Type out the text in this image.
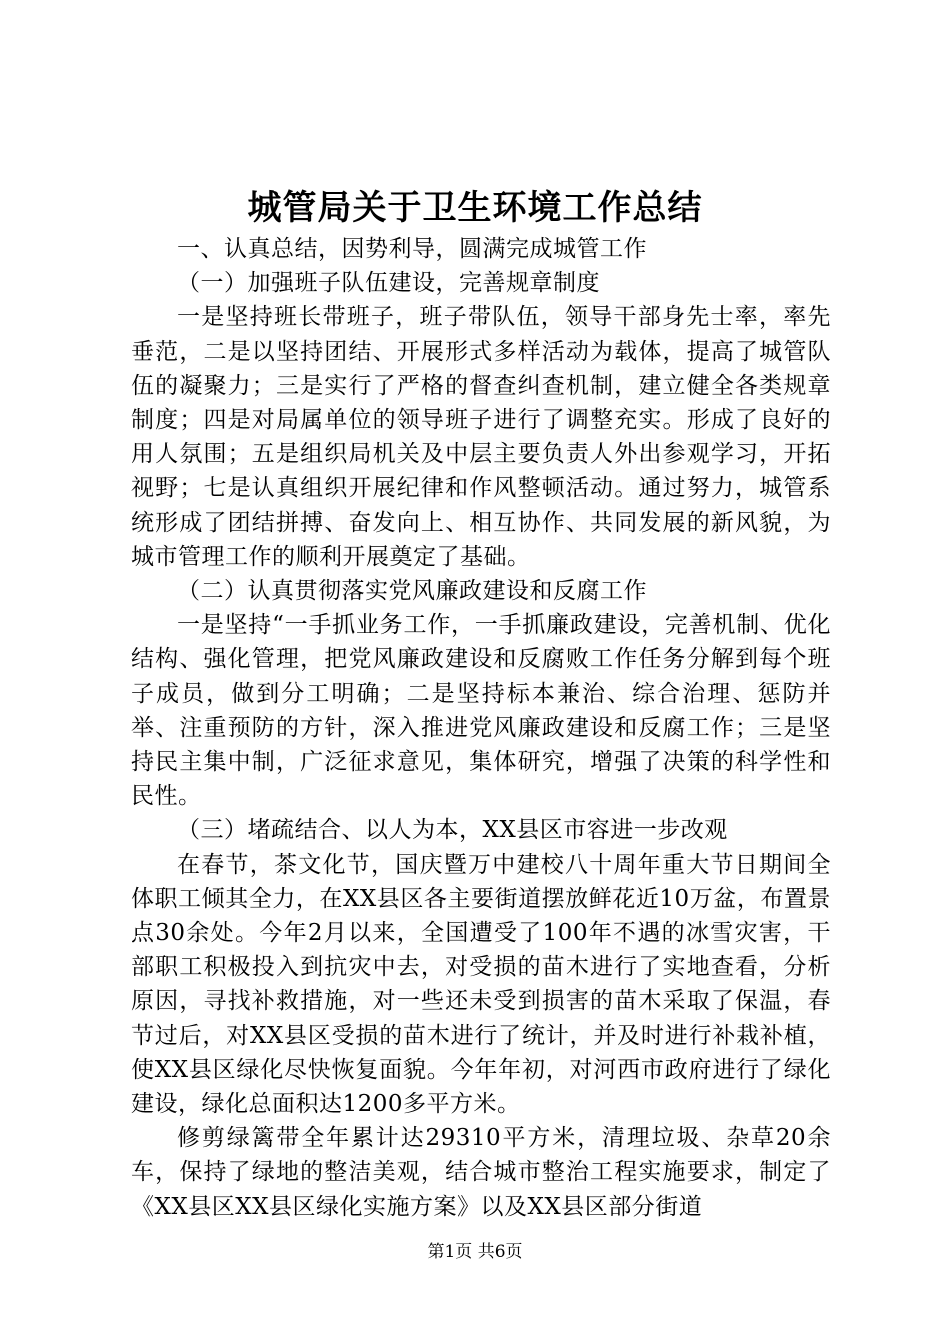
城管局关于卫生环境工作总结

一、认真总结，因势利导，圆满完成城管工作

（一）加强班子队伍建设，完善规章制度

一是坚持班长带班子，班子带队伍，领导干部身先士率，率先垂范，二是以坚持团结、开展形式多样活动为载体，提高了城管队伍的凝聚力；三是实行了严格的督查纠查机制，建立健全各类规章制度；四是对局属单位的领导班子进行了调整充实。形成了良好的用人氛围；五是组织局机关及中层主要负责人外出参观学习，开拓视野；七是认真组织开展纪律和作风整顿活动。通过努力，城管系统形成了团结拼搏、奋发向上、相互协作、共同发展的新风貌，为城市管理工作的顺利开展奠定了基础。

（二）认真贯彻落实党风廉政建设和反腐工作

一是坚持“一手抓业务工作，一手抓廉政建设，完善机制、优化结构、强化管理，把党风廉政建设和反腐败工作任务分解到每个班子成员，做到分工明确；二是坚持标本兼治、综合治理、惩防并举、注重预防的方针，深入推进党风廉政建设和反腐工作；三是坚持民主集中制，广泛征求意见，集体研究，增强了决策的科学性和民性。

（三）堵疏结合、以人为本，XX县区市容进一步改观

在春节，茶文化节，国庆暨万中建校八十周年重大节日期间全体职工倾其全力，在XX县区各主要街道摆放鲜花近10万盆，布置景点30余处。今年2月以来，全国遭受了100年不遇的冰雪灾害，干部职工积极投入到抗灾中去，对受损的苗木进行了实地查看，分析原因，寻找补救措施，对一些还未受到损害的苗木采取了保温，春节过后，对XX县区受损的苗木进行了统计，并及时进行补栽补植，使XX县区绿化尽快恢复面貌。今年年初，对河西市政府进行了绿化建设，绿化总面积达1200多平方米。

修剪绿篱带全年累计达29310平方米，清理垃圾、杂草20余车，保持了绿地的整洁美观，结合城市整治工程实施要求，制定了《XX县区XX县区绿化实施方案》以及XX县区部分街道

第1页 共6页
